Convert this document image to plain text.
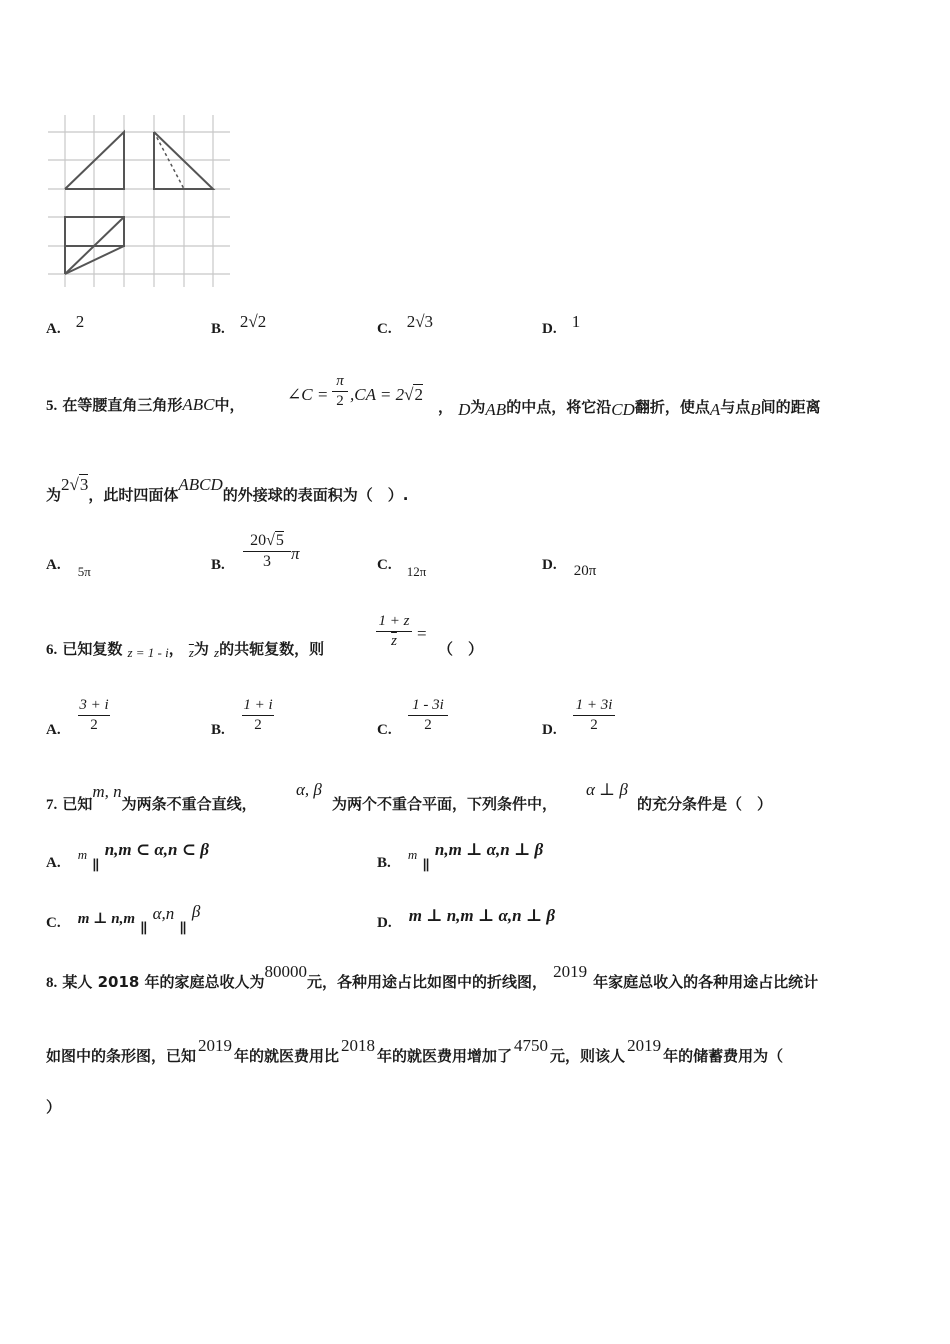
A. 2	B. 2√2	C. 2√3	D. 1
5. 在等腰直角三角形ABC中，
∠C =
π
2 ,CA = 2√2
， D为AB的中点，将它沿CD翻折，使点A与点B间的距离
为2√3，此时四面体ABCD的外接球的表面积为（　）.
A. $_{5\pi}$	B.
20√5
3	π
C. $_{12\pi}$	D. 20π
6. 已知复数 z = 1 - i， $\overline{z}$为 z的共轭复数，则	$\frac{1 + z}{z}$ =
（　）
A.
3 + i
2	B.
1 + i
2	C.
1 - 3i
2	D.
1 + 3i
2
7. 已知m, n为两条不重合直线，
α, β
为两个不重合平面，下列条件中，
α ⊥ β
的充分条件是（　）
A. $^m$ ∥ n,m ⊂ α,n ⊂ β
B. $^m$ ∥ n,m ⊥ α,n ⊥ β
C. m ⊥ n,m ∥ α,n ∥ β
D. m ⊥ n,m ⊥ α,n ⊥ β
8. 某人 2018 年的家庭总收人为80000元，各种用途占比如图中的折线图，2019年家庭总收入的各种用途占比统计
如图中的条形图，已知2019年的就医费用比2018年的就医费用增加了4750元，则该人2019年的储蓄费用为（
）
